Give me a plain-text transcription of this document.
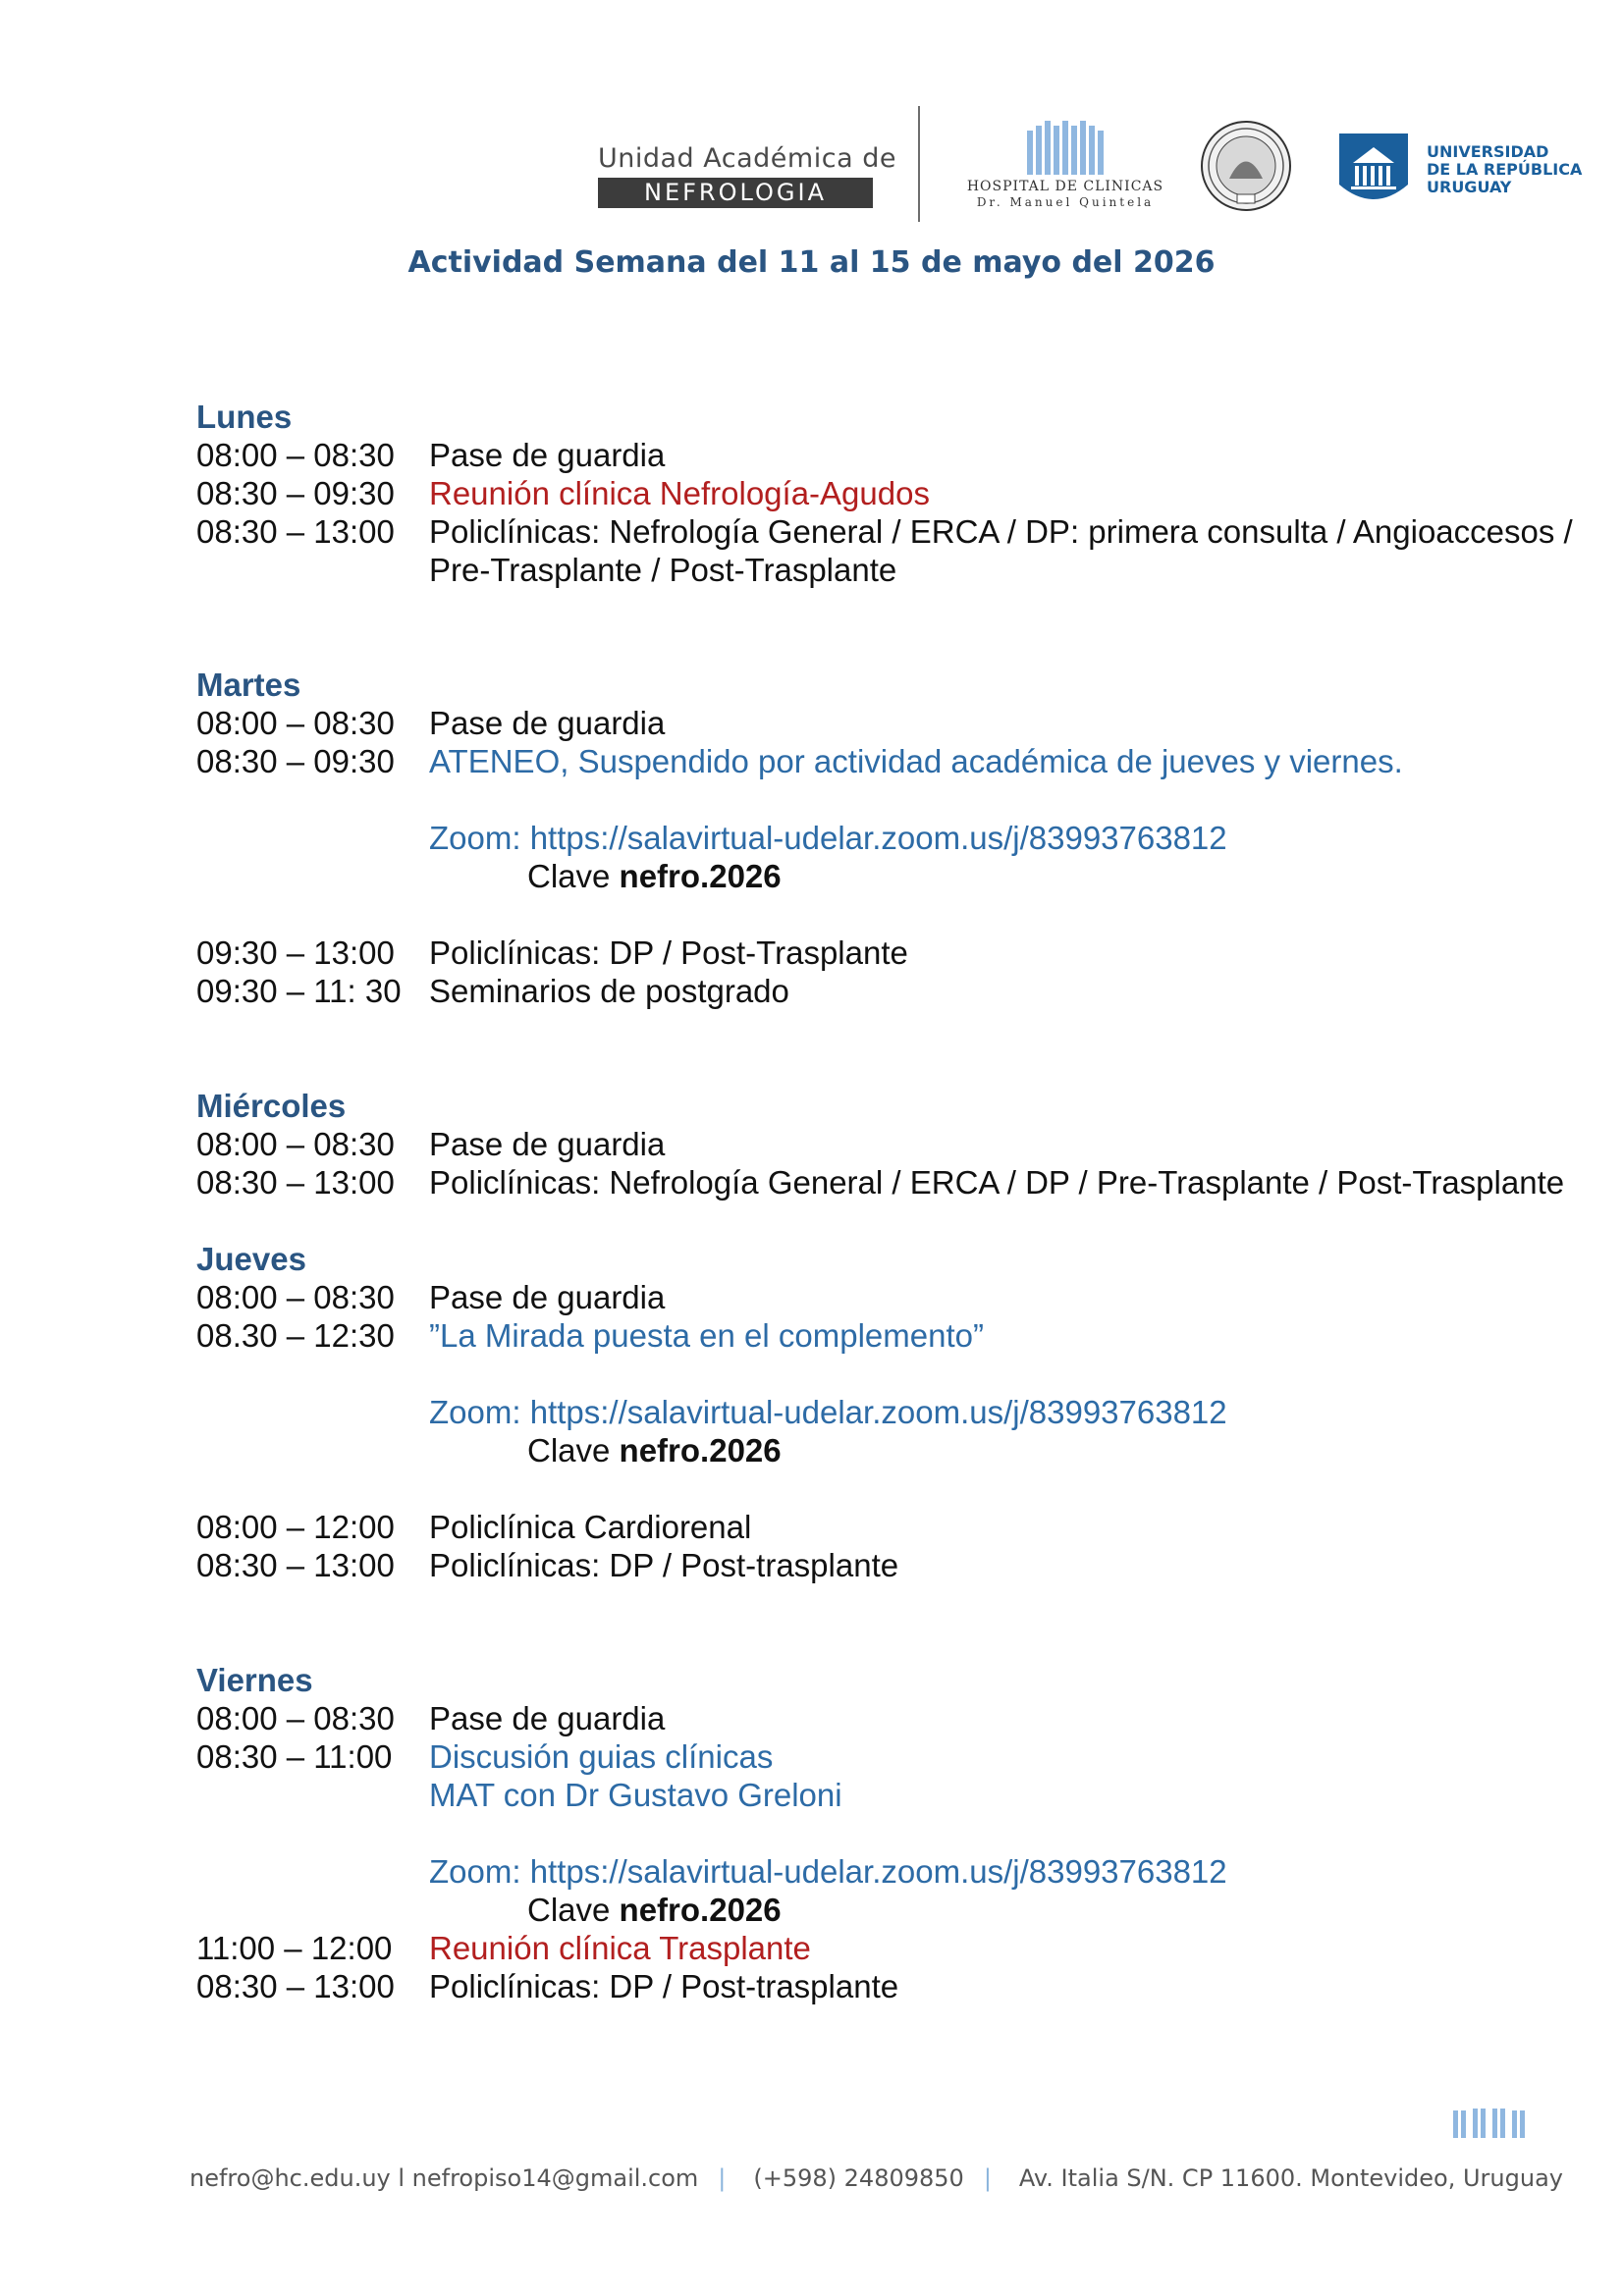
Unidad Académica de
NEFROLOGIA	HOSPITAL DE CLINICAS
Dr. Manuel Quintela
UNIVERSIDAD
DE LA REPÚBLICA
URUGUAY
Actividad Semana del 11 al 15 de mayo del 2026
Lunes
08:00 – 08:30	Pase de guardia
08:30 – 09:30	Reunión clínica Nefrología-Agudos
08:30 – 13:00	Policlínicas: Nefrología General / ERCA / DP: primera consulta / Angioaccesos /
Pre-Trasplante / Post-Trasplante
Martes
08:00 – 08:30	Pase de guardia
08:30 – 09:30	ATENEO, Suspendido por actividad académica de jueves y viernes.
Zoom: https://salavirtual-udelar.zoom.us/j/83993763812
Clave nefro.2026
09:30 – 13:00	Policlínicas: DP / Post-Trasplante
09:30 – 11: 30 Seminarios de postgrado
Miércoles
08:00 – 08:30	Pase de guardia
08:30 – 13:00	Policlínicas: Nefrología General / ERCA / DP / Pre-Trasplante / Post-Trasplante
Jueves
08:00 – 08:30	Pase de guardia
08.30 – 12:30	”La Mirada puesta en el complemento”
Zoom: https://salavirtual-udelar.zoom.us/j/83993763812
Clave nefro.2026
08:00 – 12:00	Policlínica Cardiorenal
08:30 – 13:00	Policlínicas: DP / Post-trasplante
Viernes
08:00 – 08:30	Pase de guardia
08:30 – 11:00	Discusión guias clínicas
MAT con Dr Gustavo Greloni
Zoom: https://salavirtual-udelar.zoom.us/j/83993763812
Clave nefro.2026
11:00 – 12:00	Reunión clínica Trasplante
08:30 – 13:00	Policlínicas: DP / Post-trasplante
nefro@hc.edu.uy l nefropiso14@gmail.com | (+598) 24809850 | Av. Italia S/N. CP 11600. Montevideo, Uruguay
